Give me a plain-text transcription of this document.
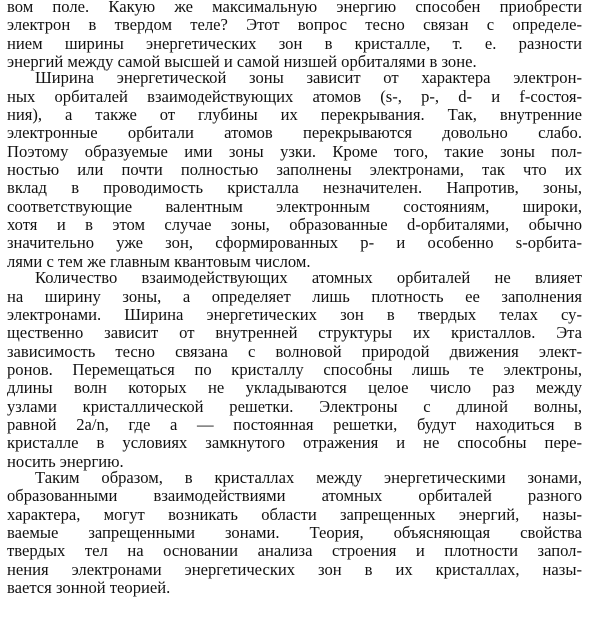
вом поле. Какую же максимальную энергию способен приобрести
электрон в твердом теле? Этот вопрос тесно связан с определе-
нием ширины энергетических зон в кристалле, т. е. разности
энергий между самой высшей и самой низшей орбиталями в зоне.
Ширина энергетической зоны зависит от характера электрон-
ных орбиталей взаимодействующих атомов (s-, p-, d- и f-состоя-
ния), а также от глубины их перекрывания. Так, внутренние
электронные орбитали атомов перекрываются довольно слабо.
Поэтому образуемые ими зоны узки. Кроме того, такие зоны пол-
ностью или почти полностью заполнены электронами, так что их
вклад в проводимость кристалла незначителен. Напротив, зоны,
соответствующие валентным электронным состояниям, широки,
хотя и в этом случае зоны, образованные d-орбиталями, обычно
значительно уже зон, сформированных p- и особенно s-орбита-
лями с тем же главным квантовым числом.
Количество взаимодействующих атомных орбиталей не влияет
на ширину зоны, а определяет лишь плотность ее заполнения
электронами. Ширина энергетических зон в твердых телах су-
щественно зависит от внутренней структуры их кристаллов. Эта
зависимость тесно связана с волновой природой движения элект-
ронов. Перемещаться по кристаллу способны лишь те электроны,
длины волн которых не укладываются целое число раз между
узлами кристаллической решетки. Электроны с длиной волны,
равной 2a/n, где a — постоянная решетки, будут находиться в
кристалле в условиях замкнутого отражения и не способны пере-
носить энергию.
Таким образом, в кристаллах между энергетическими зонами,
образованными взаимодействиями атомных орбиталей разного
характера, могут возникать области запрещенных энергий, назы-
ваемые запрещенными зонами. Теория, объясняющая свойства
твердых тел на основании анализа строения и плотности запол-
нения электронами энергетических зон в их кристаллах, назы-
вается зонной теорией.
